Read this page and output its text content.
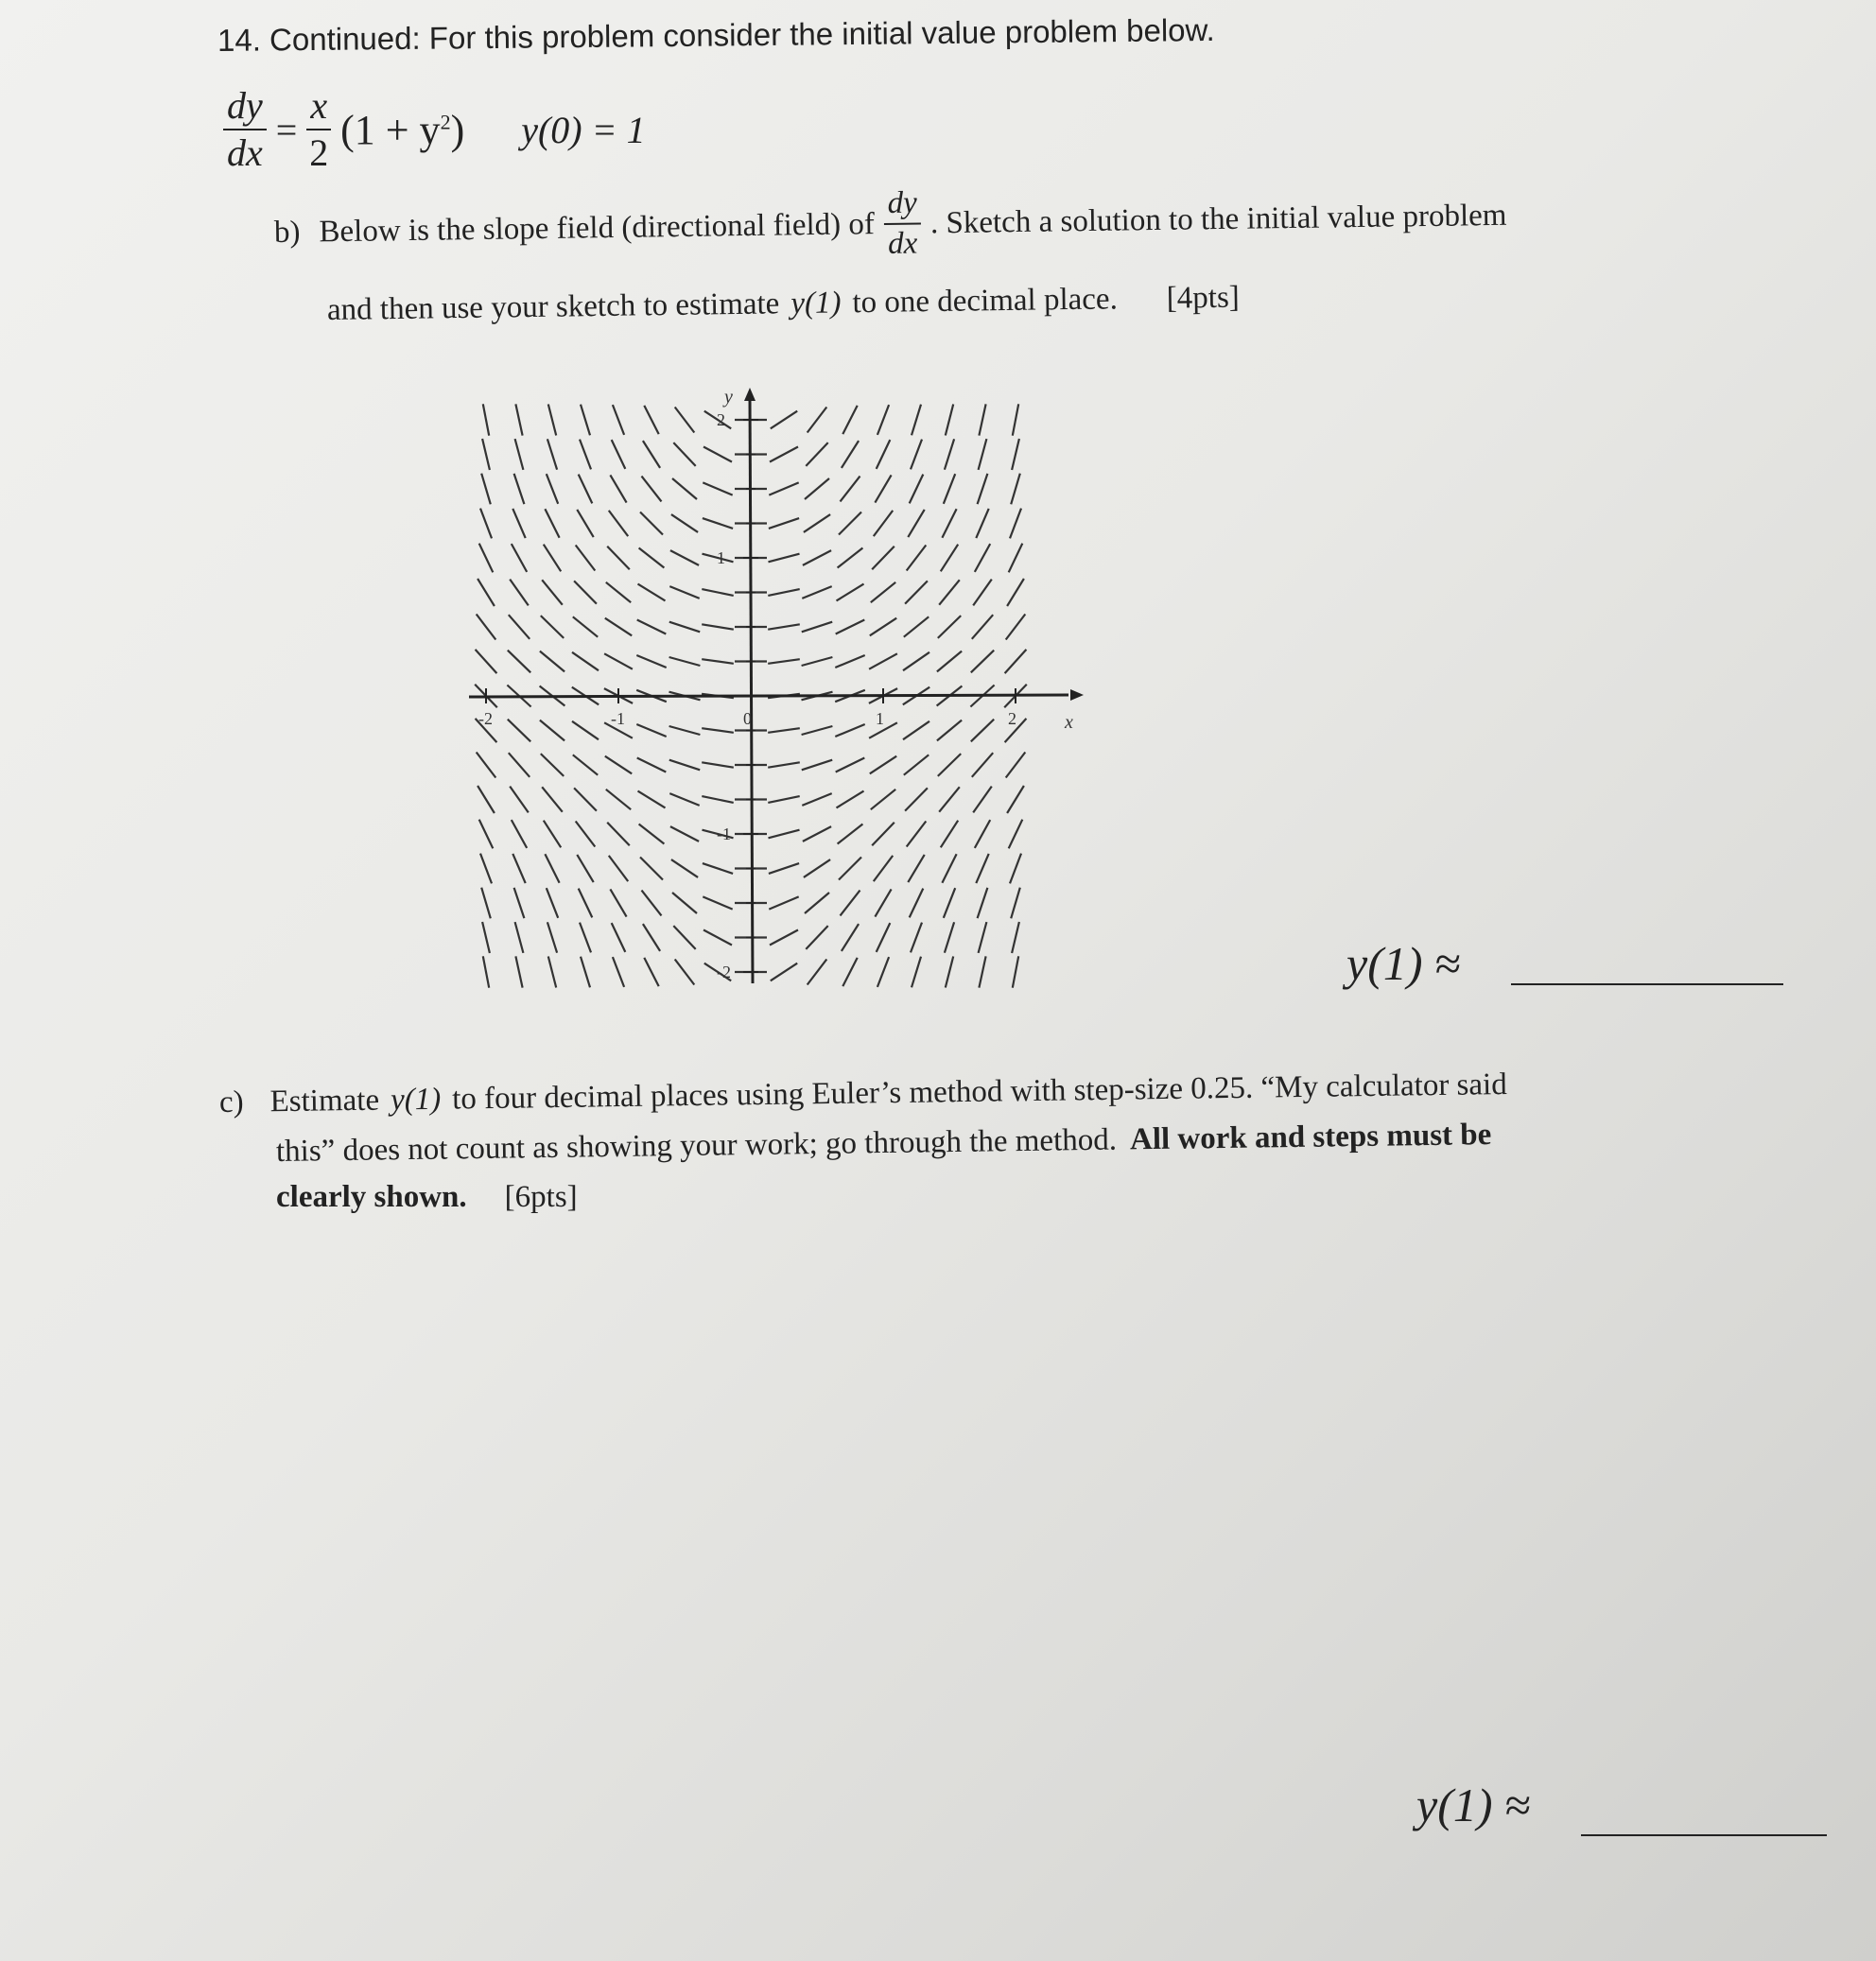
14. Continued: For this problem consider the initial value problem below.
$\frac{dy}{dx} = \frac{x}{2} (1 + y^2) y(0) = 1$
b) Below is the slope field (directional field) of $\frac{dy}{dx}$ . Sketch a solution to the initial value problem
and then use your sketch to estimate y(1) to one decimal place. [4pts]
-2	-1	0	1	2
2
1
-1
-2
x
y
y(1) ≈
c) Estimate y(1) to four decimal places using Euler’s method with step-size 0.25. “My calculator said
this” does not count as showing your work; go through the method. All work and steps must be
clearly shown. [6pts]
y(1) ≈
